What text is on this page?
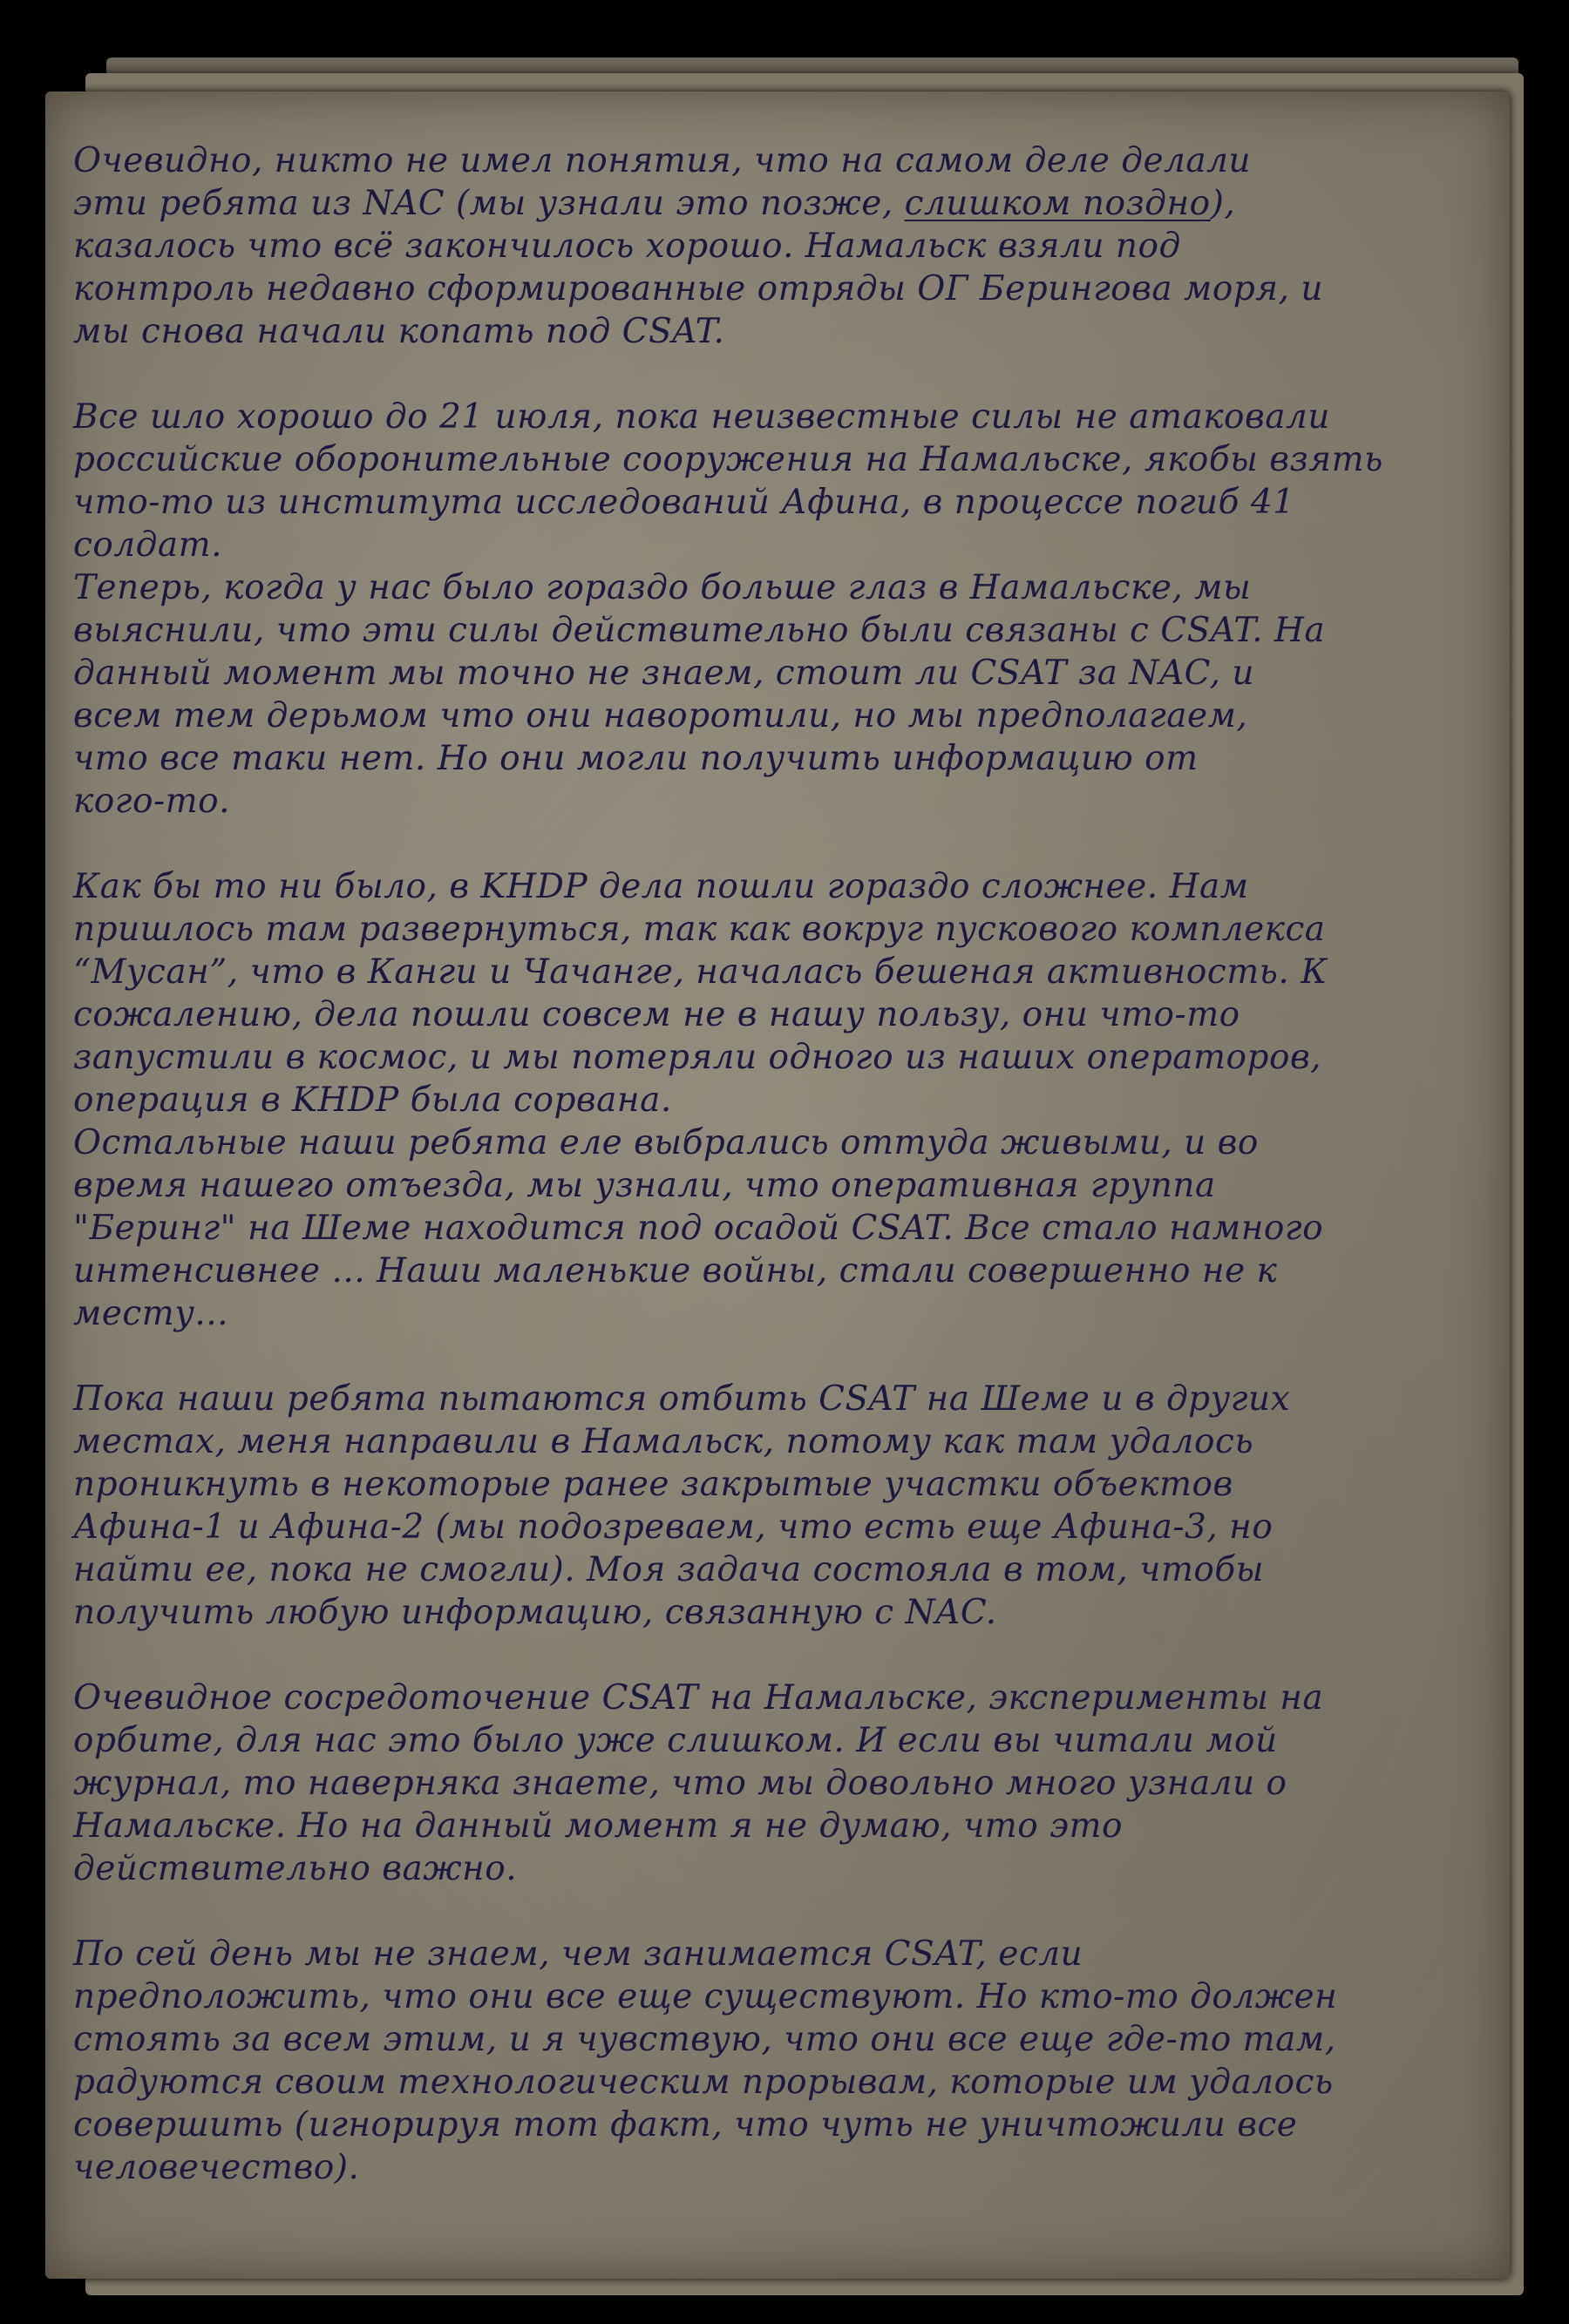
Очевидно, никто не имел понятия, что на самом деле делали
эти ребята из NAC (мы узнали это позже, слишком поздно),
казалось что всё закончилось хорошо. Намальск взяли под
контроль недавно сформированные отряды ОГ Берингова моря, и
мы снова начали копать под CSAT.
Все шло хорошо до 21 июля, пока неизвестные силы не атаковали
российские оборонительные сооружения на Намальске, якобы взять
что-то из института исследований Афина, в процессе погиб 41
солдат.
Теперь, когда у нас было гораздо больше глаз в Намальске, мы
выяснили, что эти силы действительно были связаны с CSAT. На
данный момент мы точно не знаем, стоит ли CSAT за NAC, и
всем тем дерьмом что они наворотили, но мы предполагаем,
что все таки нет. Но они могли получить информацию от
кого-то.
Как бы то ни было, в KHDP дела пошли гораздо сложнее. Нам
пришлось там развернуться, так как вокруг пускового комплекса
“Мусан”, что в Канги и Чачанге, началась бешеная активность. К
сожалению, дела пошли совсем не в нашу пользу, они что-то
запустили в космос, и мы потеряли одного из наших операторов,
операция в KHDP была сорвана.
Остальные наши ребята еле выбрались оттуда живыми, и во
время нашего отъезда, мы узнали, что оперативная группа
"Беринг" на Шеме находится под осадой CSAT. Все стало намного
интенсивнее ... Наши маленькие войны, стали совершенно не к
месту...
Пока наши ребята пытаются отбить CSAT на Шеме и в других
местах, меня направили в Намальск, потому как там удалось
проникнуть в некоторые ранее закрытые участки объектов
Афина-1 и Афина-2 (мы подозреваем, что есть еще Афина-3, но
найти ее, пока не смогли). Моя задача состояла в том, чтобы
получить любую информацию, связанную с NAC.
Очевидное сосредоточение CSAT на Намальске, эксперименты на
орбите, для нас это было уже слишком. И если вы читали мой
журнал, то наверняка знаете, что мы довольно много узнали о
Намальске. Но на данный момент я не думаю, что это
действительно важно.
По сей день мы не знаем, чем занимается CSAT, если
предположить, что они все еще существуют. Но кто-то должен
стоять за всем этим, и я чувствую, что они все еще где-то там,
радуются своим технологическим прорывам, которые им удалось
совершить (игнорируя тот факт, что чуть не уничтожили все
человечество).
